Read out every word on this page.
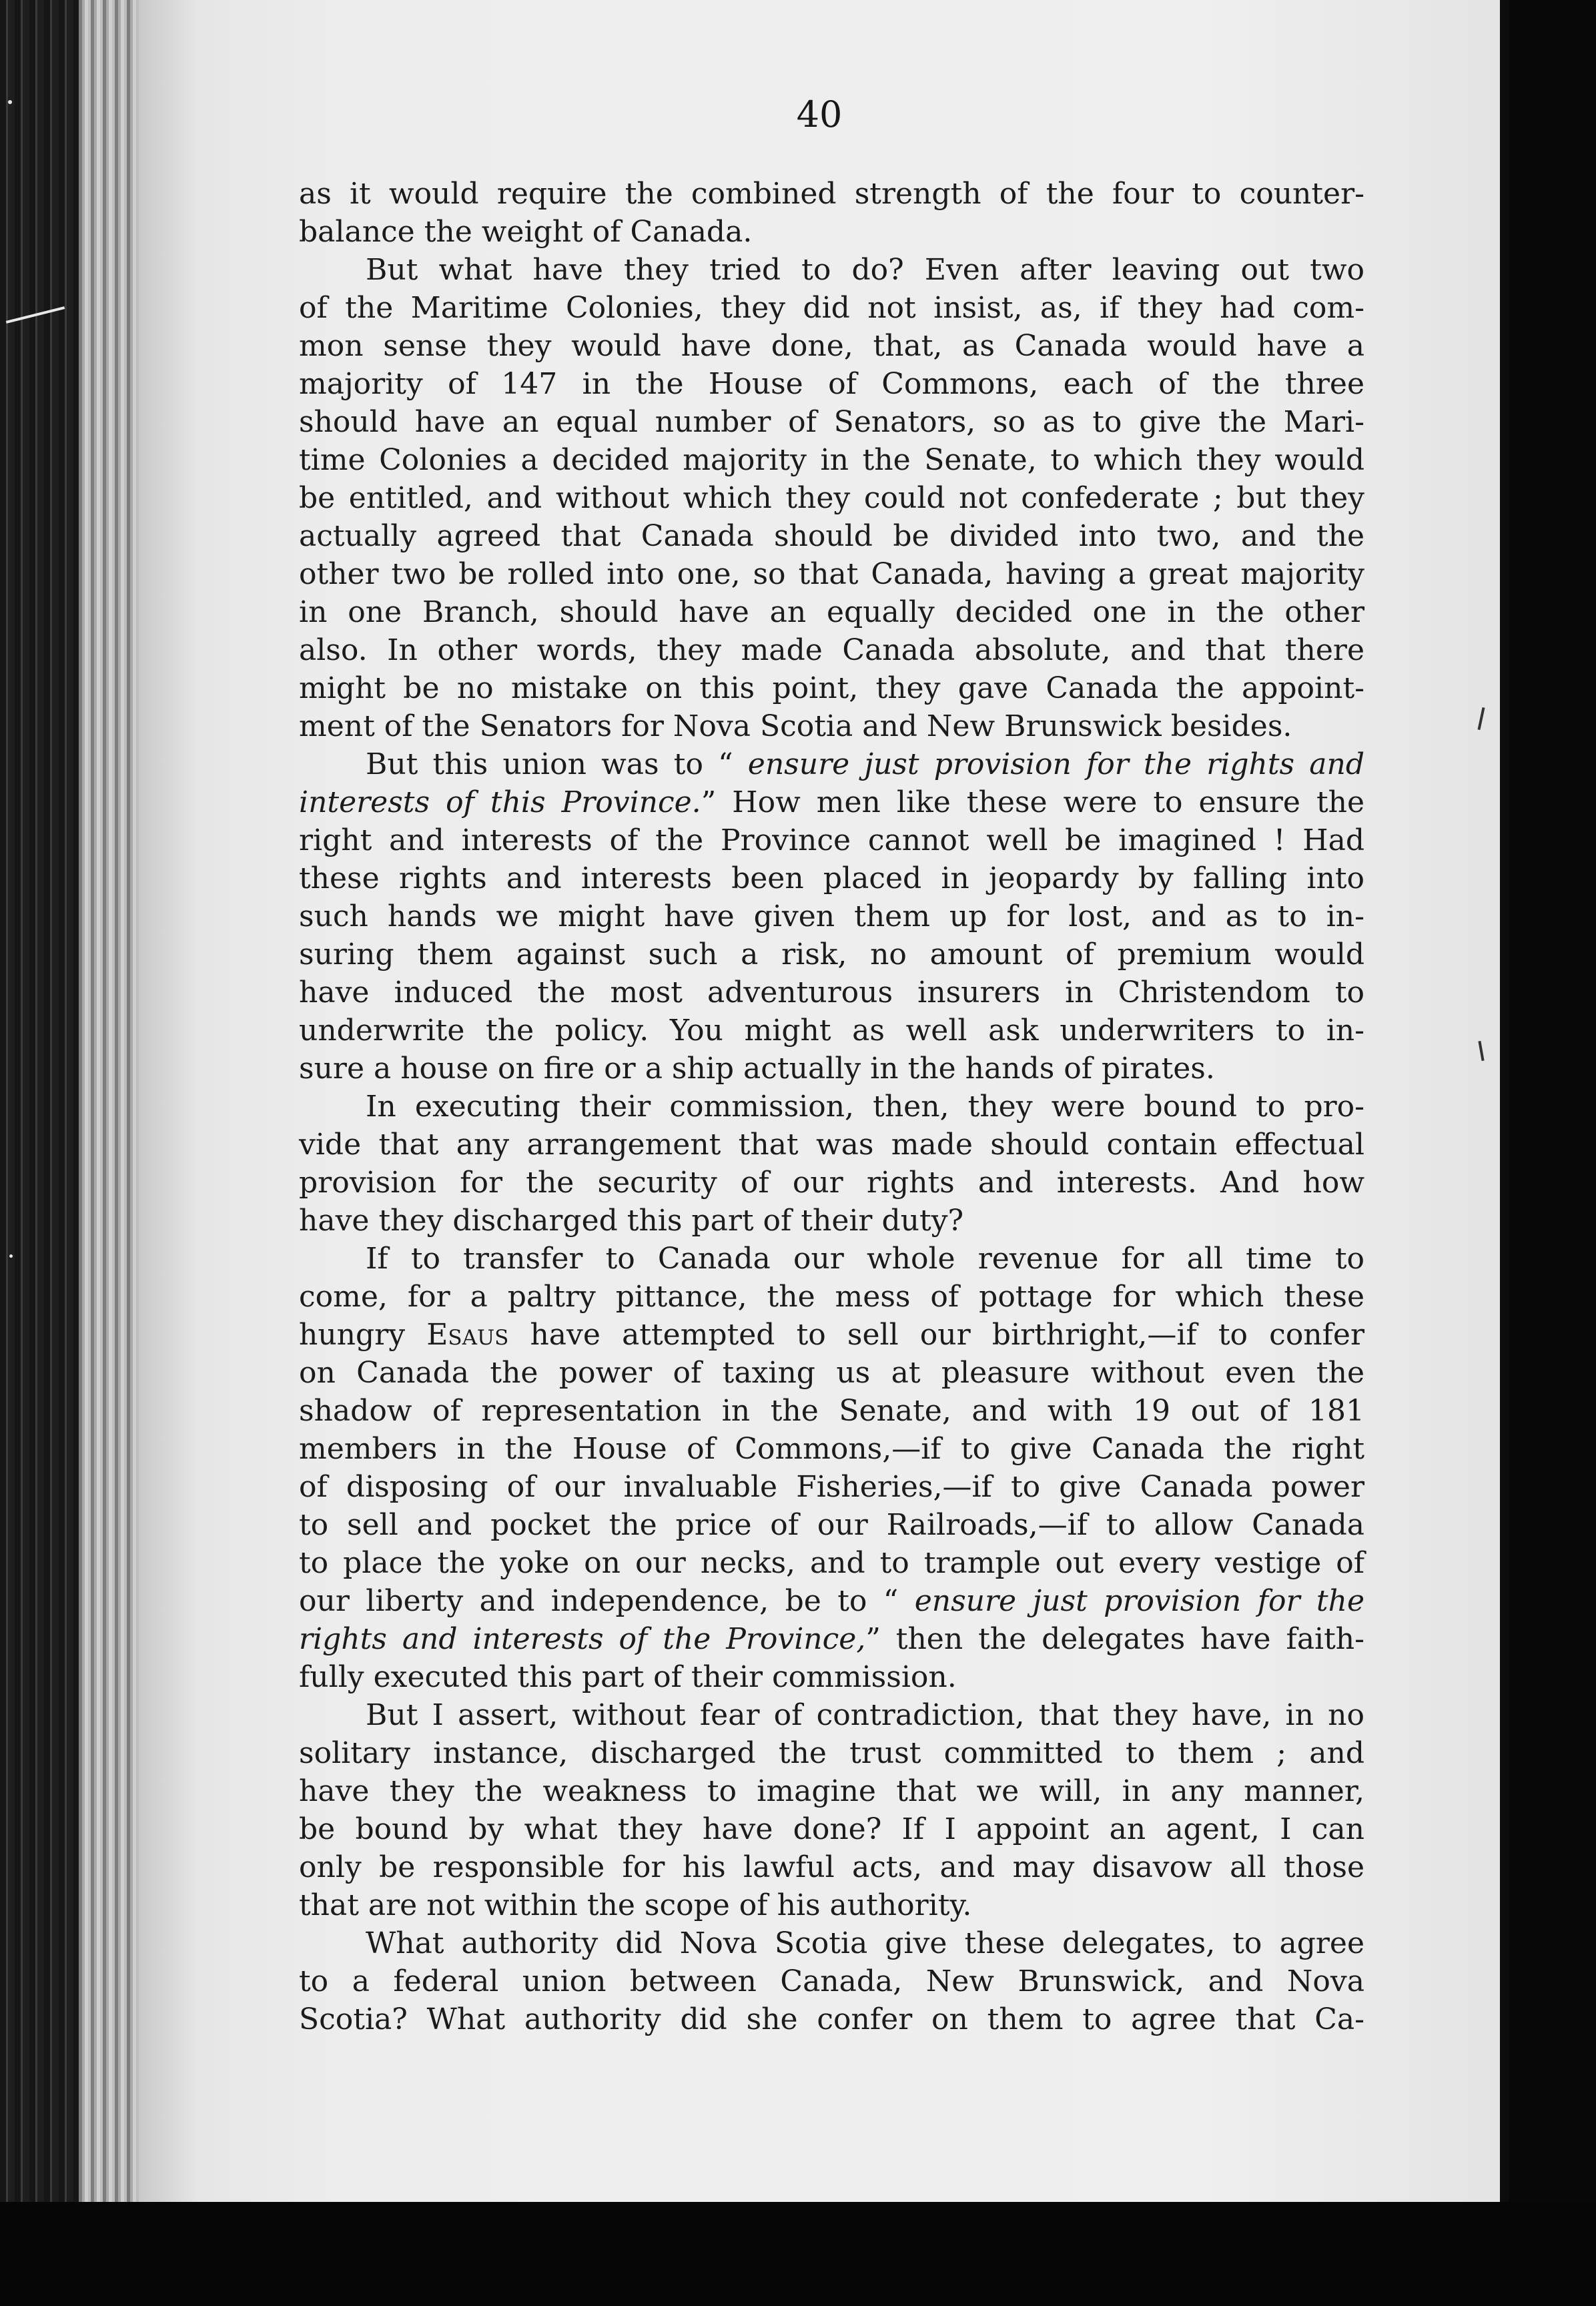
40
as it would require the combined strength of the four to counter-
balance the weight of Canada.
But what have they tried to do? Even after leaving out two
of the Maritime Colonies, they did not insist, as, if they had com-
mon sense they would have done, that, as Canada would have a
majority of 147 in the House of Commons, each of the three
should have an equal number of Senators, so as to give the Mari-
time Colonies a decided majority in the Senate, to which they would
be entitled, and without which they could not confederate ; but they
actually agreed that Canada should be divided into two, and the
other two be rolled into one, so that Canada, having a great majority
in one Branch, should have an equally decided one in the other
also. In other words, they made Canada absolute, and that there
might be no mistake on this point, they gave Canada the appoint-
ment of the Senators for Nova Scotia and New Brunswick besides.
But this union was to “ ensure just provision for the rights and
interests of this Province.” How men like these were to ensure the
right and interests of the Province cannot well be imagined ! Had
these rights and interests been placed in jeopardy by falling into
such hands we might have given them up for lost, and as to in-
suring them against such a risk, no amount of premium would
have induced the most adventurous insurers in Christendom to
underwrite the policy. You might as well ask underwriters to in-
sure a house on fire or a ship actually in the hands of pirates.
In executing their commission, then, they were bound to pro-
vide that any arrangement that was made should contain effectual
provision for the security of our rights and interests. And how
have they discharged this part of their duty?
If to transfer to Canada our whole revenue for all time to
come, for a paltry pittance, the mess of pottage for which these
hungry Esaus have attempted to sell our birthright,—if to confer
on Canada the power of taxing us at pleasure without even the
shadow of representation in the Senate, and with 19 out of 181
members in the House of Commons,—if to give Canada the right
of disposing of our invaluable Fisheries,—if to give Canada power
to sell and pocket the price of our Railroads,—if to allow Canada
to place the yoke on our necks, and to trample out every vestige of
our liberty and independence, be to “ ensure just provision for the
rights and interests of the Province,” then the delegates have faith-
fully executed this part of their commission.
But I assert, without fear of contradiction, that they have, in no
solitary instance, discharged the trust committed to them ; and
have they the weakness to imagine that we will, in any manner,
be bound by what they have done? If I appoint an agent, I can
only be responsible for his lawful acts, and may disavow all those
that are not within the scope of his authority.
What authority did Nova Scotia give these delegates, to agree
to a federal union between Canada, New Brunswick, and Nova
Scotia? What authority did she confer on them to agree that Ca-
